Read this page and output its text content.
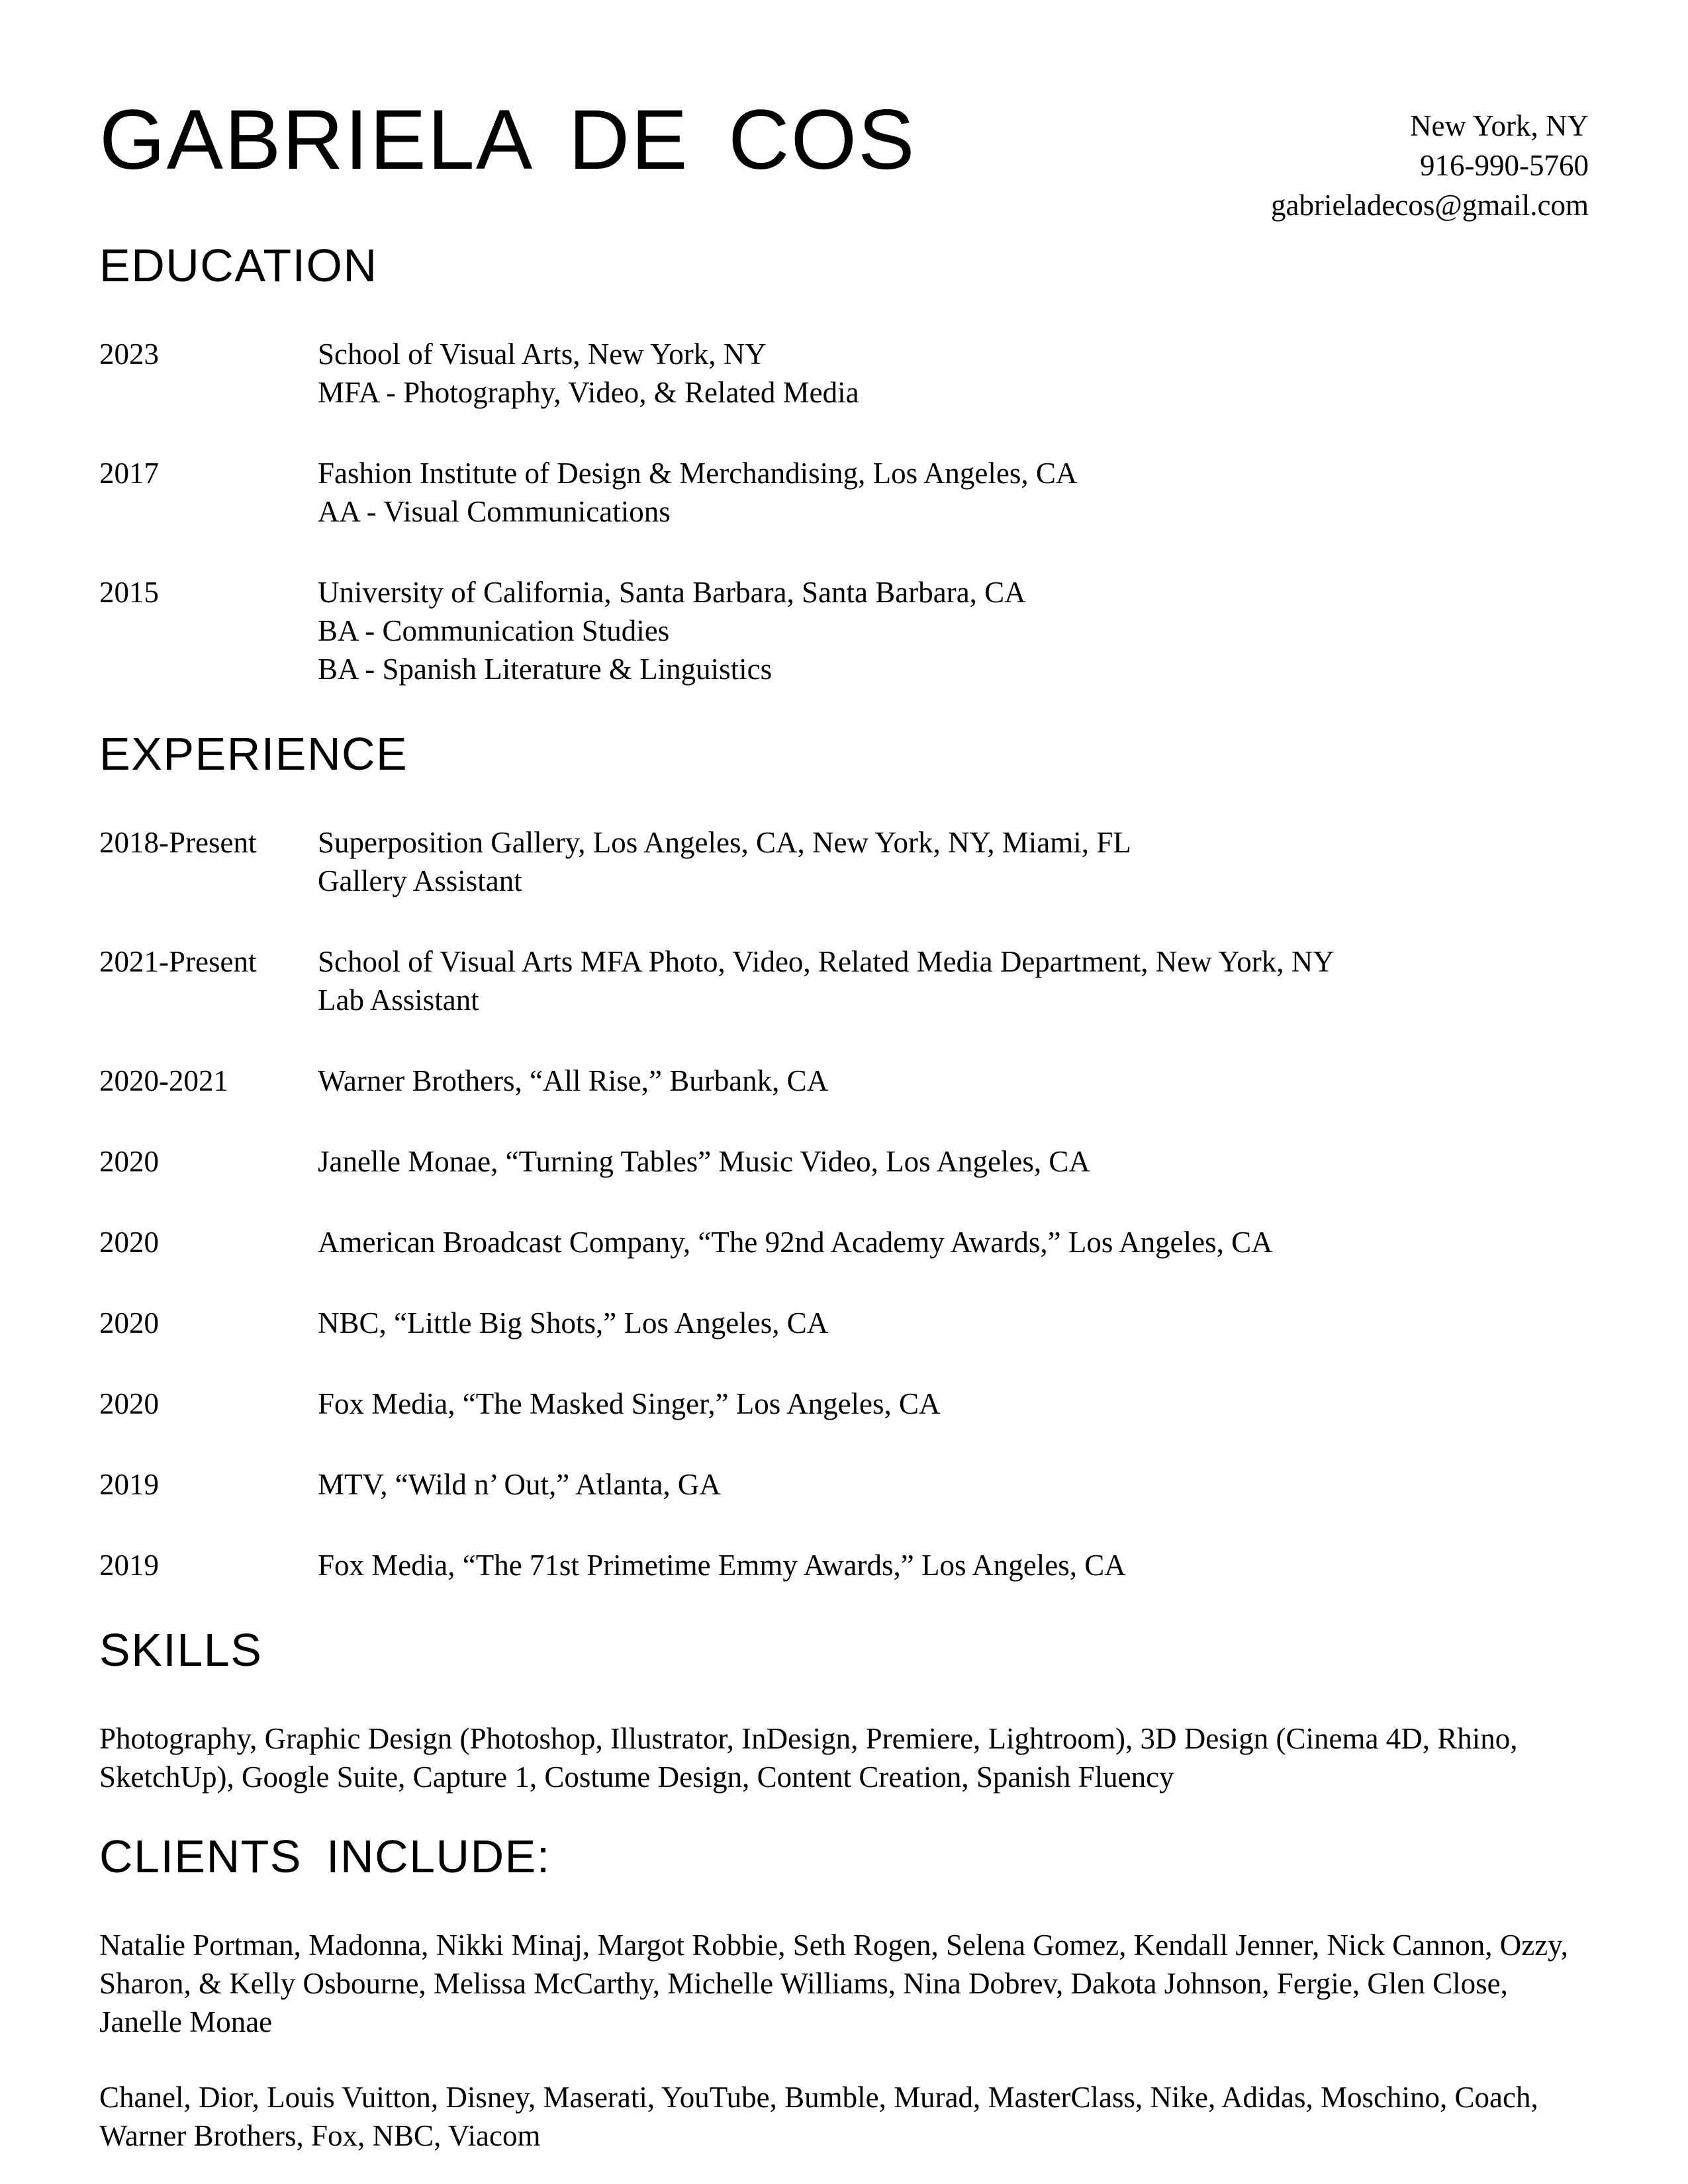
GABRIELA DE COS	New York, NY
916-990-5760
gabrieladecos@gmail.com
EDUCATION
2023	School of Visual Arts, New York, NY
MFA - Photography, Video, & Related Media
2017	Fashion Institute of Design & Merchandising, Los Angeles, CA
AA - Visual Communications
2015	University of California, Santa Barbara, Santa Barbara, CA
BA - Communication Studies
BA - Spanish Literature & Linguistics
EXPERIENCE
2018-Present	Superposition Gallery, Los Angeles, CA, New York, NY, Miami, FL
Gallery Assistant
2021-Present	School of Visual Arts MFA Photo, Video, Related Media Department, New York, NY
Lab Assistant
2020-2021	Warner Brothers, “All Rise,” Burbank, CA
2020	Janelle Monae, “Turning Tables” Music Video, Los Angeles, CA
2020	American Broadcast Company, “The 92nd Academy Awards,” Los Angeles, CA
2020	NBC, “Little Big Shots,” Los Angeles, CA
2020	Fox Media, “The Masked Singer,” Los Angeles, CA
2019	MTV, “Wild n’ Out,” Atlanta, GA
2019	Fox Media, “The 71st Primetime Emmy Awards,” Los Angeles, CA
SKILLS
Photography, Graphic Design (Photoshop, Illustrator, InDesign, Premiere, Lightroom), 3D Design (Cinema 4D, Rhino, SketchUp), Google Suite, Capture 1, Costume Design, Content Creation, Spanish Fluency
CLIENTS INCLUDE:
Natalie Portman, Madonna, Nikki Minaj, Margot Robbie, Seth Rogen, Selena Gomez, Kendall Jenner, Nick Cannon, Ozzy, Sharon, & Kelly Osbourne, Melissa McCarthy, Michelle Williams, Nina Dobrev, Dakota Johnson, Fergie, Glen Close, Janelle Monae
Chanel, Dior, Louis Vuitton, Disney, Maserati, YouTube, Bumble, Murad, MasterClass, Nike, Adidas, Moschino, Coach, Warner Brothers, Fox, NBC, Viacom
